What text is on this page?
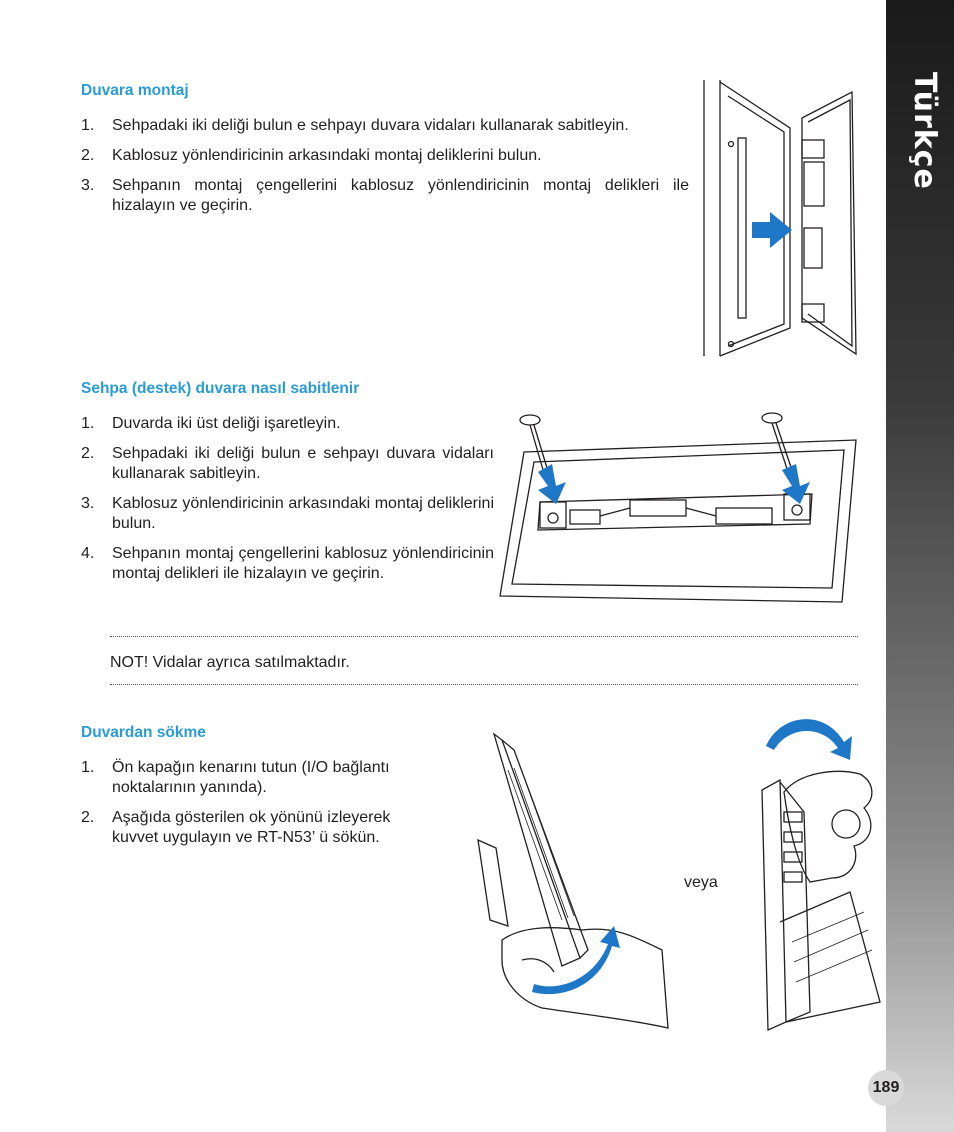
Türkçe
Duvara montaj
1. Sehpadaki iki deliği bulun e sehpayı duvara vidaları kullanarak sabitleyin.
2. Kablosuz yönlendiricinin arkasındaki montaj deliklerini bulun.
3. Sehpanın montaj çengellerini kablosuz yönlendiricinin montaj delikleri ile hizalayın ve geçirin.
Sehpa (destek) duvara nasıl sabitlenir
1. Duvarda iki üst deliği işaretleyin.
2. Sehpadaki iki deliği bulun e sehpayı duvara vidaları kullanarak sabitleyin.
3. Kablosuz yönlendiricinin arkasındaki montaj deliklerini bulun.
4. Sehpanın montaj çengellerini kablosuz yönlendiricinin montaj delikleri ile hizalayın ve geçirin.
NOT! Vidalar ayrıca satılmaktadır.
Duvardan sökme
1. Ön kapağın kenarını tutun (I/O bağlantı noktalarının yanında).
2. Aşağıda gösterilen ok yönünü izleyerek kuvvet uygulayın ve RT-N53’ ü sökün.
veya
189
